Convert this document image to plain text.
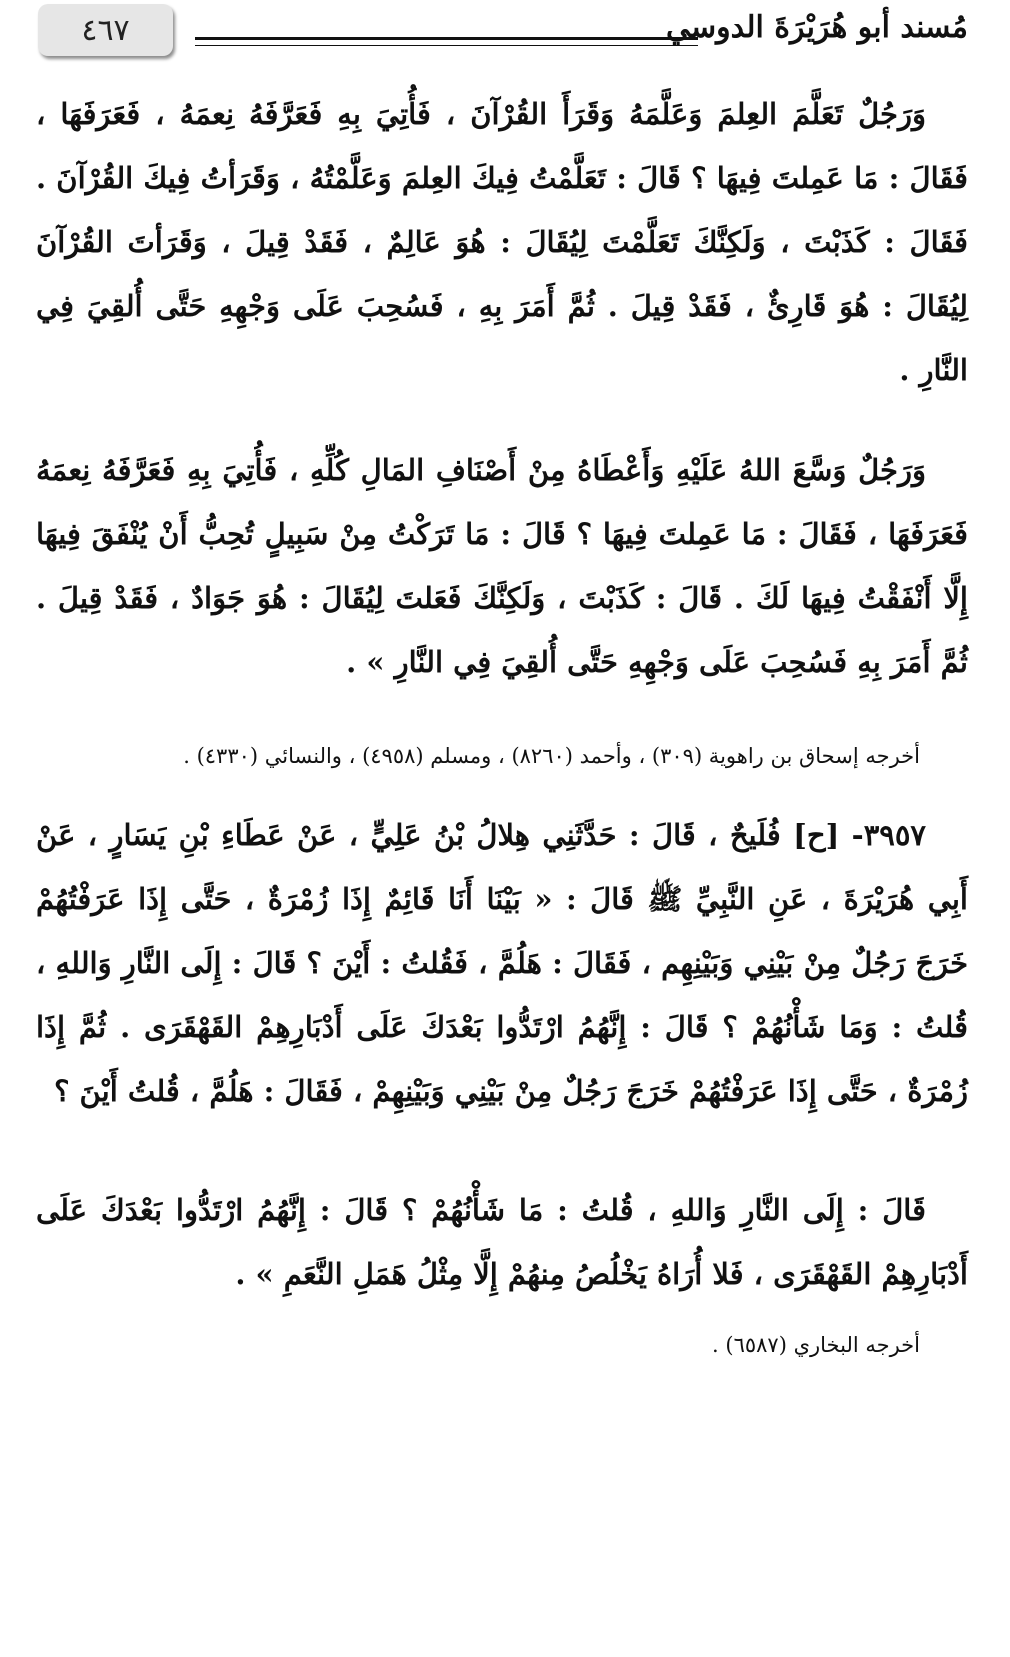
٤٦٧	مُسند أبو هُرَيْرَةَ الدوسي

وَرَجُلٌ تَعَلَّمَ العِلمَ وَعَلَّمَهُ وَقَرَأَ القُرْآنَ ، فَأُتِيَ بِهِ فَعَرَّفَهُ نِعمَهُ ، فَعَرَفَهَا ، فَقَالَ : مَا عَمِلتَ فِيهَا ؟ قَالَ : تَعَلَّمْتُ فِيكَ العِلمَ وَعَلَّمْتُهُ ، وَقَرَأتُ فِيكَ القُرْآنَ . فَقَالَ : كَذَبْتَ ، وَلَكِنَّكَ تَعَلَّمْتَ لِيُقَالَ : هُوَ عَالِمٌ ، فَقَدْ قِيلَ ، وَقَرَأتَ القُرْآنَ لِيُقَالَ : هُوَ قَارِئٌ ، فَقَدْ قِيلَ . ثُمَّ أَمَرَ بِهِ ، فَسُحِبَ عَلَى وَجْهِهِ حَتَّى أُلقِيَ فِي النَّارِ .

وَرَجُلٌ وَسَّعَ اللهُ عَلَيْهِ وَأَعْطَاهُ مِنْ أَصْنَافِ المَالِ كُلِّهِ ، فَأُتِيَ بِهِ فَعَرَّفَهُ نِعمَهُ فَعَرَفَهَا ، فَقَالَ : مَا عَمِلتَ فِيهَا ؟ قَالَ : مَا تَرَكْتُ مِنْ سَبِيلٍ تُحِبُّ أَنْ يُنْفَقَ فِيهَا إِلَّا أَنْفَقْتُ فِيهَا لَكَ . قَالَ : كَذَبْتَ ، وَلَكِنَّكَ فَعَلتَ لِيُقَالَ : هُوَ جَوَادٌ ، فَقَدْ قِيلَ . ثُمَّ أَمَرَ بِهِ فَسُحِبَ عَلَى وَجْهِهِ حَتَّى أُلقِيَ فِي النَّارِ » .

أخرجه إسحاق بن راهوية (٣٠٩) ، وأحمد (٨٢٦٠) ، ومسلم (٤٩٥٨) ، والنسائي (٤٣٣٠) .

٣٩٥٧- [ح] فُلَيحٌ ، قَالَ : حَدَّثَنِي هِلالُ بْنُ عَلِيٍّ ، عَنْ عَطَاءِ بْنِ يَسَارٍ ، عَنْ أَبِي هُرَيْرَةَ ، عَنِ النَّبِيِّ ﷺ قَالَ : « بَيْنَا أَنَا قَائِمٌ إِذَا زُمْرَةٌ ، حَتَّى إِذَا عَرَفْتُهُمْ خَرَجَ رَجُلٌ مِنْ بَيْنِي وَبَيْنِهِم ، فَقَالَ : هَلُمَّ ، فَقُلتُ : أَيْنَ ؟ قَالَ : إِلَى النَّارِ وَاللهِ ، قُلتُ : وَمَا شَأْنُهُمْ ؟ قَالَ : إِنَّهُمُ ارْتَدُّوا بَعْدَكَ عَلَى أَدْبَارِهِمْ القَهْقَرَى . ثُمَّ إِذَا زُمْرَةٌ ، حَتَّى إِذَا عَرَفْتُهُمْ خَرَجَ رَجُلٌ مِنْ بَيْنِي وَبَيْنِهِمْ ، فَقَالَ : هَلُمَّ ، قُلتُ أَيْنَ ؟

قَالَ : إِلَى النَّارِ وَاللهِ ، قُلتُ : مَا شَأْنُهُمْ ؟ قَالَ : إِنَّهُمُ ارْتَدُّوا بَعْدَكَ عَلَى أَدْبَارِهِمْ القَهْقَرَى ، فَلا أُرَاهُ يَخْلُصُ مِنهُمْ إِلَّا مِثْلُ هَمَلِ النَّعَمِ » .

أخرجه البخاري (٦٥٨٧) .
